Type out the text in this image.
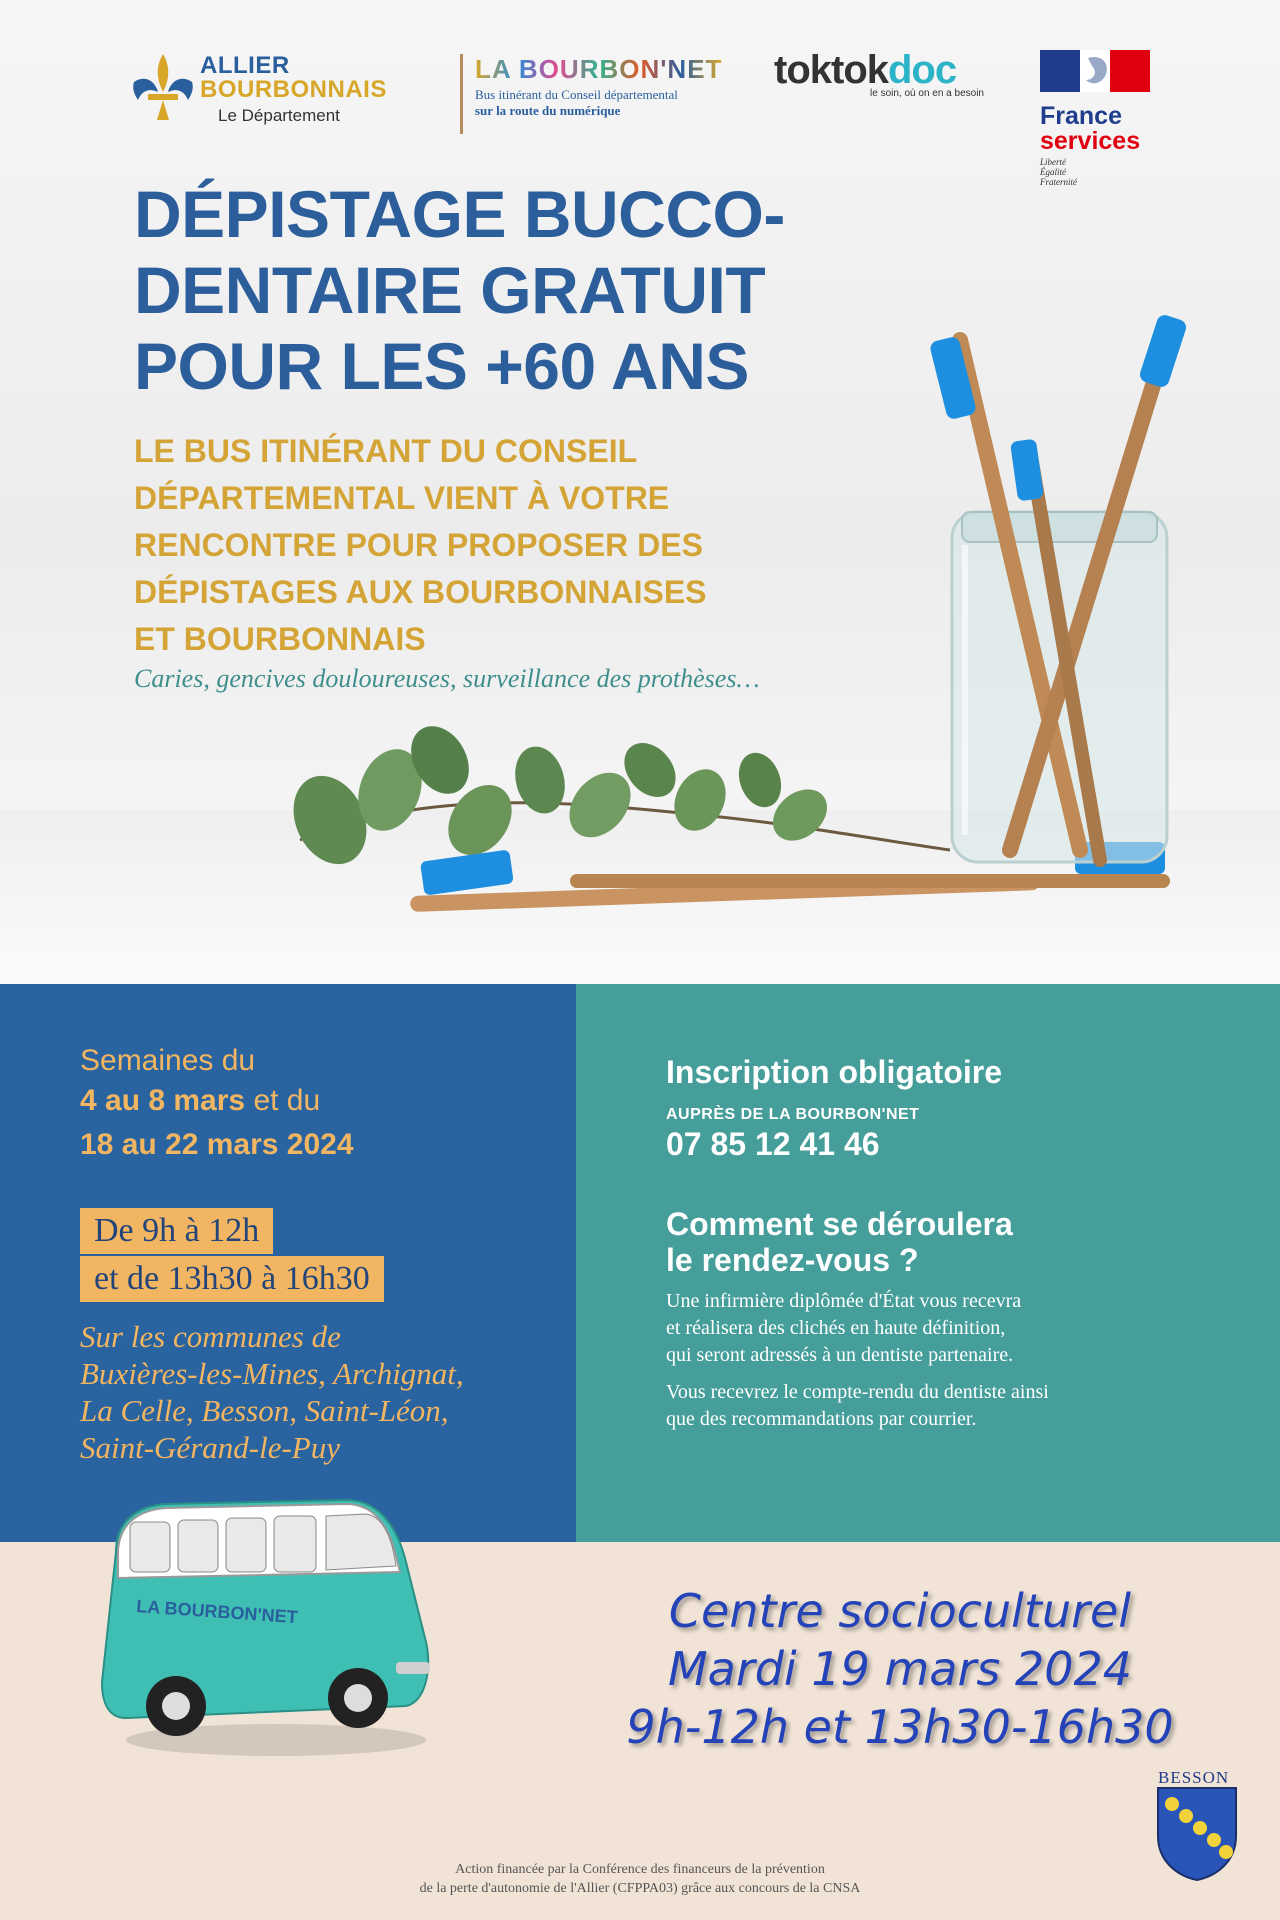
ALLIER
BOURBONNAIS
Le Département
LA BOURBON'NET
Bus itinérant du Conseil départemental
sur la route du numérique
toktokdoc
le soin, où on en a besoin
France
services
Liberté
Égalité
Fraternité
DÉPISTAGE BUCCO-
DENTAIRE GRATUIT
POUR LES +60 ANS
LE BUS ITINÉRANT DU CONSEIL
DÉPARTEMENTAL VIENT À VOTRE
RENCONTRE POUR PROPOSER DES
DÉPISTAGES AUX BOURBONNAISES
ET BOURBONNAIS
Caries, gencives douloureuses, surveillance des prothèses…
Semaines du
4 au 8 mars et du
18 au 22 mars 2024
De 9h à 12h
et de 13h30 à 16h30
Sur les communes de
Buxières-les-Mines, Archignat,
La Celle, Besson, Saint-Léon,
Saint-Gérand-le-Puy
Inscription obligatoire
AUPRÈS DE LA BOURBON'NET
07 85 12 41 46
Comment se déroulera
le rendez-vous ?
Une infirmière diplômée d'État vous recevra
et réalisera des clichés en haute définition,
qui seront adressés à un dentiste partenaire.
Vous recevrez le compte-rendu du dentiste ainsi
que des recommandations par courrier.
LA BOURBON'NET	Centre socioculturel
Mardi 19 mars 2024
9h-12h et 13h30-16h30
BESSON
Action financée par la Conférence des financeurs de la prévention
de la perte d'autonomie de l'Allier (CFPPA03) grâce aux concours de la CNSA
